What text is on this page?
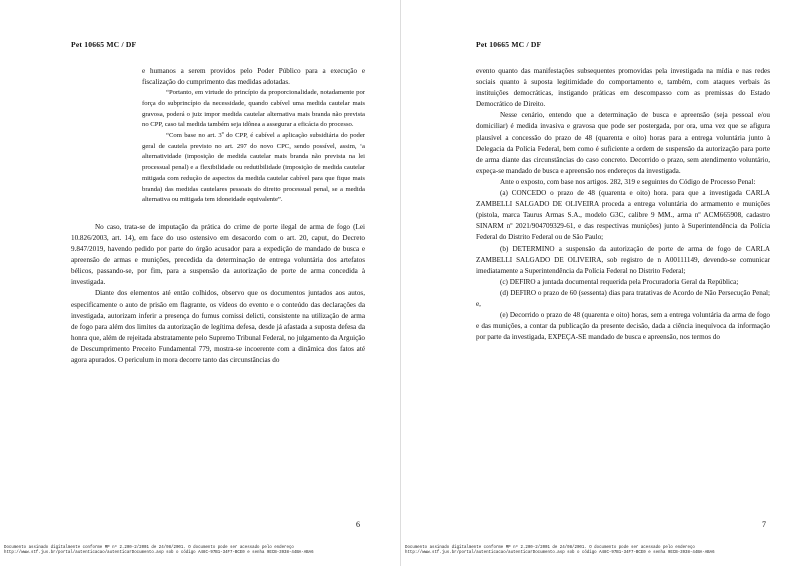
Pet 10665 MC / DF

e humanos a serem providos pelo Poder Público para a execução e fiscalização do cumprimento das medidas adotadas.

“Portanto, em virtude do princípio da proporcionalidade, notadamente por força do subprincípio da necessidade, quando cabível uma medida cautelar mais gravosa, poderá o juiz impor medida cautelar alternativa mais branda não prevista no CPP, caso tal medida também seja idônea a assegurar a eficácia do processo.

“Com base no art. 3º do CPP, é cabível a aplicação subsidiária do poder geral de cautela previsto no art. 297 do novo CPC, sendo possível, assim, ‘a alternatividade (imposição de medida cautelar mais branda não prevista na lei processual penal) e a flexibilidade ou redutibilidade (imposição de medida cautelar mitigada com redução de aspectos da medida cautelar cabível para que fique mais branda) das medidas cautelares pessoais do direito processual penal, se a medida alternativa ou mitigada tem idoneidade equivalente”.

No caso, trata-se de imputação da prática do crime de porte ilegal de arma de fogo (Lei 10.826/2003, art. 14), em face do uso ostensivo em desacordo com o art. 20, caput, do Decreto 9.847/2019, havendo pedido por parte do órgão acusador para a expedição de mandado de busca e apreensão de armas e munições, precedida da determinação de entrega voluntária dos artefatos bélicos, passando-se, por fim, para a suspensão da autorização de porte de arma concedida à investigada.

Diante dos elementos até então colhidos, observo que os documentos juntados aos autos, especificamente o auto de prisão em flagrante, os vídeos do evento e o conteúdo das declarações da investigada, autorizam inferir a presença do fumus comissi delicti, consistente na utilização de arma de fogo para além dos limites da autorização de legítima defesa, desde já afastada a suposta defesa da honra que, além de rejeitada abstratamente pelo Supremo Tribunal Federal, no julgamento da Arguição de Descumprimento Preceito Fundamental 779, mostra-se incoerente com a dinâmica dos fatos até agora apurados. O periculum in mora decorre tanto das circunstâncias do

6
Documento assinado digitalmente conforme MP nº 2.200-2/2001 de 24/08/2001. O documento pode ser acessado pelo endereço
http://www.stf.jus.br/portal/autenticacao/autenticarDocumento.asp sob o código A48C-97B1-34F7-BCE0 e senha 9ECB-3938-44BA-ABA6
Pet 10665 MC / DF

evento quanto das manifestações subsequentes promovidas pela investigada na mídia e nas redes sociais quanto à suposta legitimidade do comportamento e, também, com ataques verbais às instituições democráticas, instigando práticas em descompasso com as premissas do Estado Democrático de Direito.

Nesse cenário, entendo que a determinação de busca e apreensão (seja pessoal e/ou domiciliar) é medida invasiva e gravosa que pode ser postergada, por ora, uma vez que se afigura plausível a concessão do prazo de 48 (quarenta e oito) horas para a entrega voluntária junto à Delegacia da Polícia Federal, bem como é suficiente a ordem de suspensão da autorização para porte de arma diante das circunstâncias do caso concreto. Decorrido o prazo, sem atendimento voluntário, expeça-se mandado de busca e apreensão nos endereços da investigada.

Ante o exposto, com base nos artigos. 282, 319 e seguintes do Código de Processo Penal:

(a) CONCEDO o prazo de 48 (quarenta e oito) hora. para que a investigada CARLA ZAMBELLI SALGADO DE OLIVEIRA proceda a entrega voluntária do armamento e munições (pistola, marca Taurus Armas S.A., modelo G3C, calibre 9 MM., arma nº ACM665908, cadastro SINARM nº 2021/904709329-61, e das respectivas munições) junto à Superintendência da Polícia Federal do Distrito Federal ou de São Paulo;

(b) DETERMINO a suspensão da autorização de porte de arma de fogo de CARLA ZAMBELLI SALGADO DE OLIVEIRA, sob registro de n A00111149, devendo-se comunicar imediatamente a Superintendência da Polícia Federal no Distrito Federal;

(c) DEFIRO a juntada documental requerida pela Procuradoria Geral da República;

(d) DEFIRO o prazo de 60 (sessenta) dias para tratativas de Acordo de Não Persecução Penal; e,

(e) Decorrido o prazo de 48 (quarenta e oito) horas, sem a entrega voluntária da arma de fogo e das munições, a contar da publicação da presente decisão, dada a ciência inequívoca da informação por parte da investigada, EXPEÇA-SE mandado de busca e apreensão, nos termos do

7
Documento assinado digitalmente conforme MP nº 2.200-2/2001 de 24/08/2001. O documento pode ser acessado pelo endereço
http://www.stf.jus.br/portal/autenticacao/autenticarDocumento.asp sob o código A48C-97B1-34F7-BCE0 e senha 9ECB-3938-44BA-ABA6
